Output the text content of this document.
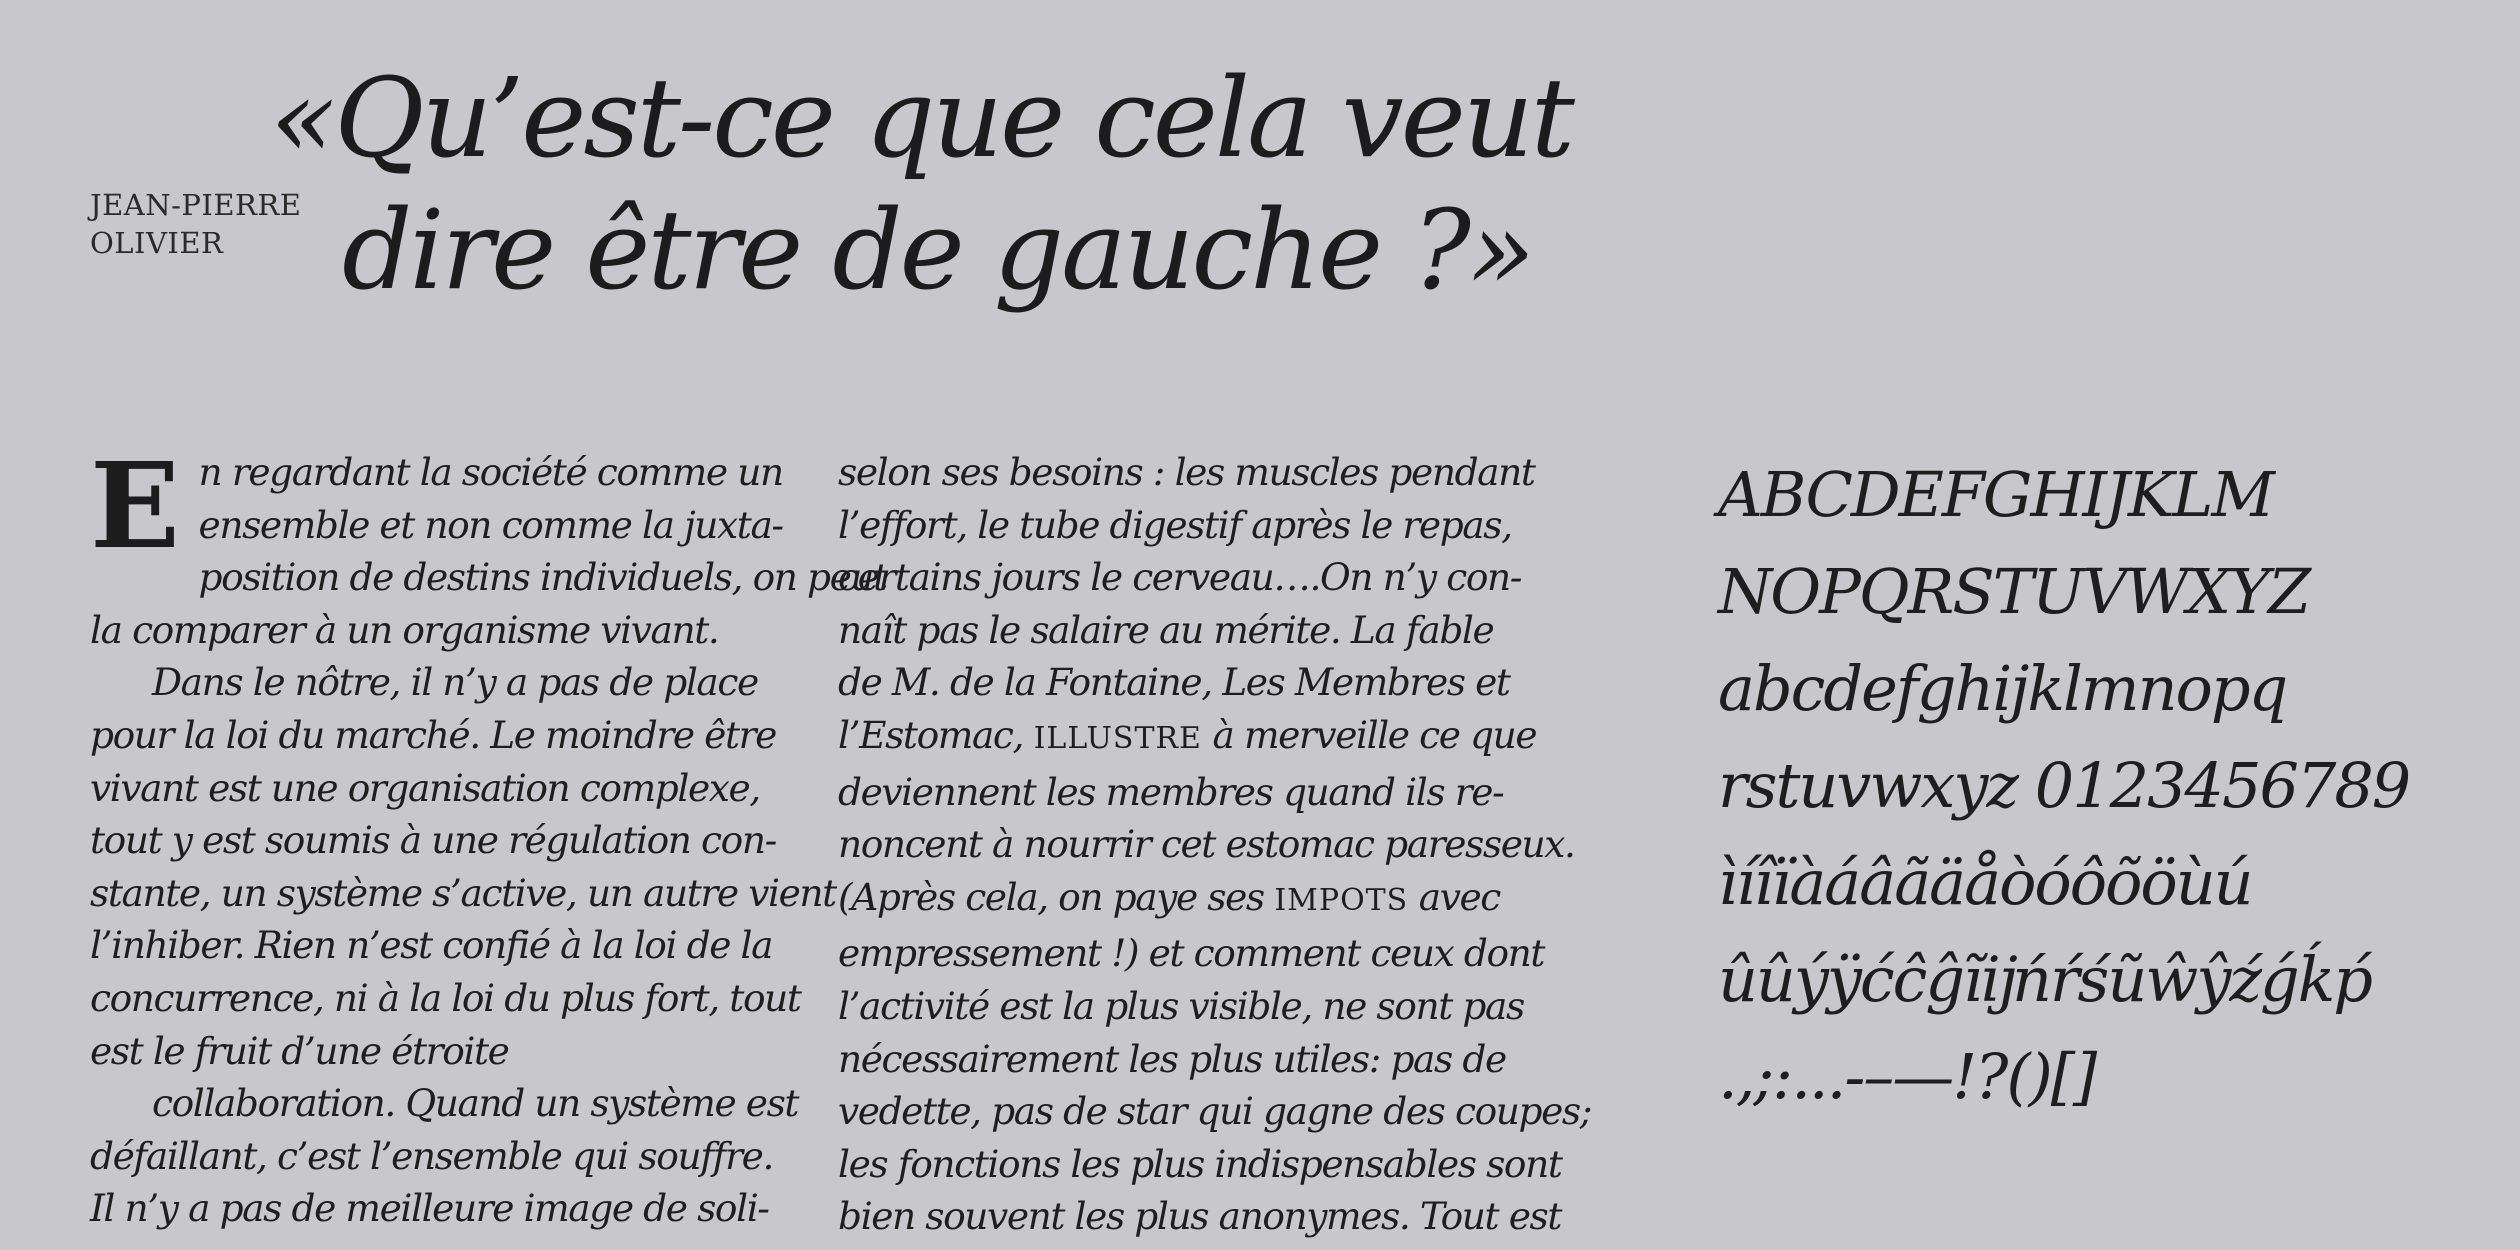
JEAN-PIERRE
OLIVIER
«Qu’est-ce que cela veut
dire être de gauche ?»
E n regardant la société comme un
ensemble et non comme la juxta-
position de destins individuels, on peut
la comparer à un organisme vivant.
Dans le nôtre, il n’y a pas de place
pour la loi du marché. Le moindre être
vivant est une organisation complexe,
tout y est soumis à une régulation con-
stante, un système s’active, un autre vient
l’inhiber. Rien n’est confié à la loi de la
concurrence, ni à la loi du plus fort, tout
est le fruit d’une étroite
collaboration. Quand un système est
défaillant, c’est l’ensemble qui souffre.
Il n’y a pas de meilleure image de soli-
selon ses besoins : les muscles pendant
l’effort, le tube digestif après le repas,
certains jours le cerveau….On n’y con-
naît pas le salaire au mérite. La fable
de M. de la Fontaine, Les Membres et
l’Estomac, ILLUSTRE à merveille ce que
deviennent les membres quand ils re-
noncent à nourrir cet estomac paresseux.
(Après cela, on paye ses IMPOTS avec
empressement !) et comment ceux dont
l’activité est la plus visible, ne sont pas
nécessairement les plus utiles: pas de
vedette, pas de star qui gagne des coupes;
les fonctions les plus indispensables sont
bien souvent les plus anonymes. Tout est
ABCDEFGHIJKLM
NOPQRSTUVWXYZ
abcdefghijklmnopq
rstuvwxyz 0123456789
ìíîïàáâãäåòóôõöùú
ûûýÿćĉĝĩĳńŕśũŵŷźǵḱṕ
.,;:...-–—!?()[]
